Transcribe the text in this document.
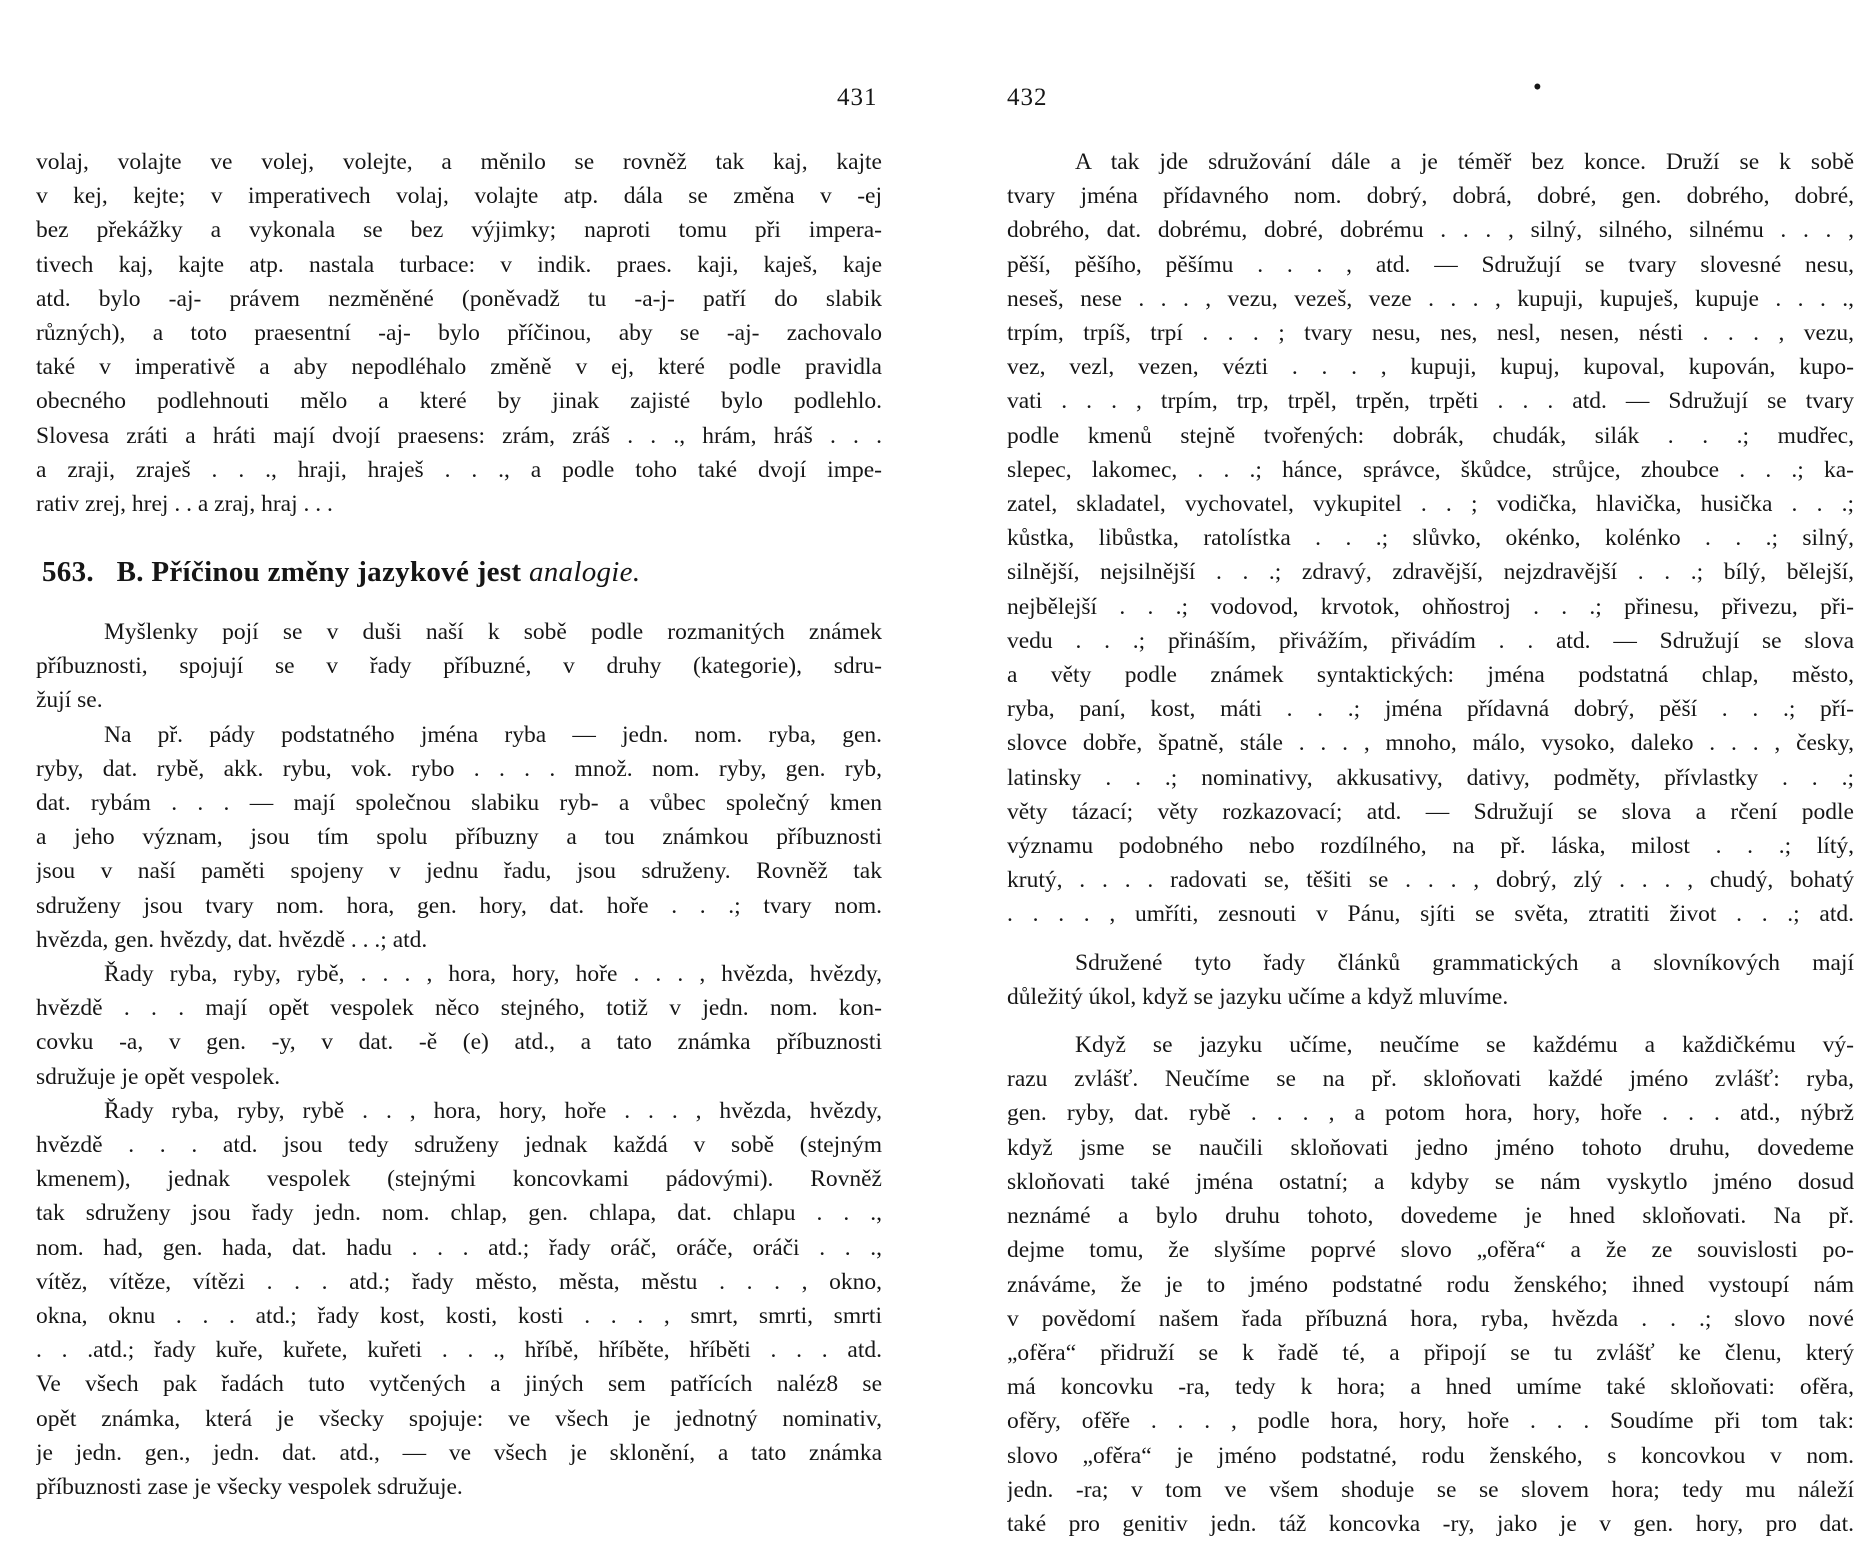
431
volaj, volajte ve volej, volejte, a měnilo se rovněž tak kaj, kajte
v kej, kejte; v imperativech volaj, volajte atp. dála se změna v -ej
bez překážky a vykonala se bez výjimky; naproti tomu při impera-
tivech kaj, kajte atp. nastala turbace: v indik. praes. kaji, kaješ, kaje
atd. bylo -aj- právem nezměněné (poněvadž tu -a-j- patří do slabik
různých), a toto praesentní -aj- bylo příčinou, aby se -aj- zachovalo
také v imperativě a aby nepodléhalo změně v ej, které podle pravidla
obecného podlehnouti mělo a které by jinak zajisté bylo podlehlo.
Slovesa zráti a hráti mají dvojí praesens: zrám, zráš . . ., hrám, hráš . . .
a zraji, zraješ . . ., hraji, hraješ . . ., a podle toho také dvojí impe-
rativ zrej, hrej . . a zraj, hraj . . .
563. B. Příčinou změny jazykové jest analogie.
Myšlenky pojí se v duši naší k sobě podle rozmanitých známek
příbuznosti, spojují se v řady příbuzné, v druhy (kategorie), sdru-
žují se.
Na př. pády podstatného jména ryba — jedn. nom. ryba, gen.
ryby, dat. rybě, akk. rybu, vok. rybo . . . . množ. nom. ryby, gen. ryb,
dat. rybám . . . — mají společnou slabiku ryb- a vůbec společný kmen
a jeho význam, jsou tím spolu příbuzny a tou známkou příbuznosti
jsou v naší paměti spojeny v jednu řadu, jsou sdruženy. Rovněž tak
sdruženy jsou tvary nom. hora, gen. hory, dat. hoře . . .; tvary nom.
hvězda, gen. hvězdy, dat. hvězdě . . .; atd.
Řady ryba, ryby, rybě, . . . , hora, hory, hoře . . . , hvězda, hvězdy,
hvězdě . . . mají opět vespolek něco stejného, totiž v jedn. nom. kon-
covku -a, v gen. -y, v dat. -ě (e) atd., a tato známka příbuznosti
sdružuje je opět vespolek.
Řady ryba, ryby, rybě . . , hora, hory, hoře . . . , hvězda, hvězdy,
hvězdě . . . atd. jsou tedy sdruženy jednak každá v sobě (stejným
kmenem), jednak vespolek (stejnými koncovkami pádovými). Rovněž
tak sdruženy jsou řady jedn. nom. chlap, gen. chlapa, dat. chlapu . . .,
nom. had, gen. hada, dat. hadu . . . atd.; řady oráč, oráče, oráči . . .,
vítěz, vítěze, vítězi . . . atd.; řady město, města, městu . . . , okno,
okna, oknu . . . atd.; řady kost, kosti, kosti . . . , smrt, smrti, smrti
. . .atd.; řady kuře, kuřete, kuřeti . . ., hříbě, hříběte, hříběti . . . atd.
Ve všech pak řadách tuto vytčených a jiných sem patřících naléz8 se
opět známka, která je všecky spojuje: ve všech je jednotný nominativ,
je jedn. gen., jedn. dat. atd., — ve všech je sklonění, a tato známka
příbuznosti zase je všecky vespolek sdružuje.
432	•
A tak jde sdružování dále a je téměř bez konce. Druží se k sobě
tvary jména přídavného nom. dobrý, dobrá, dobré, gen. dobrého, dobré,
dobrého, dat. dobrému, dobré, dobrému . . . , silný, silného, silnému . . . ,
pěší, pěšího, pěšímu . . . , atd. — Sdružují se tvary slovesné nesu,
neseš, nese . . . , vezu, vezeš, veze . . . , kupuji, kupuješ, kupuje . . . .,
trpím, trpíš, trpí . . . ; tvary nesu, nes, nesl, nesen, nésti . . . , vezu,
vez, vezl, vezen, vézti . . . , kupuji, kupuj, kupoval, kupován, kupo-
vati . . . , trpím, trp, trpěl, trpěn, trpěti . . . atd. — Sdružují se tvary
podle kmenů stejně tvořených: dobrák, chudák, silák . . .; mudřec,
slepec, lakomec, . . .; hánce, správce, škůdce, strůjce, zhoubce . . .; ka-
zatel, skladatel, vychovatel, vykupitel . . ; vodička, hlavička, husička . . .;
kůstka, libůstka, ratolístka . . .; slůvko, okénko, kolénko . . .; silný,
silnější, nejsilnější . . .; zdravý, zdravější, nejzdravější . . .; bílý, bělejší,
nejbělejší . . .; vodovod, krvotok, ohňostroj . . .; přinesu, přivezu, při-
vedu . . .; přináším, přivážím, přivádím . . atd. — Sdružují se slova
a věty podle známek syntaktických: jména podstatná chlap, město,
ryba, paní, kost, máti . . .; jména přídavná dobrý, pěší . . .; pří-
slovce dobře, špatně, stále . . . , mnoho, málo, vysoko, daleko . . . , česky,
latinsky . . .; nominativy, akkusativy, dativy, podměty, přívlastky . . .;
věty tázací; věty rozkazovací; atd. — Sdružují se slova a rčení podle
významu podobného nebo rozdílného, na př. láska, milost . . .; lítý,
krutý, . . . . radovati se, těšiti se . . . , dobrý, zlý . . . , chudý, bohatý
. . . . , umříti, zesnouti v Pánu, sjíti se světa, ztratiti život . . .; atd.
Sdružené tyto řady článků grammatických a slovníkových mají
důležitý úkol, když se jazyku učíme a když mluvíme.
Když se jazyku učíme, neučíme se každému a každičkému vý-
razu zvlášť. Neučíme se na př. skloňovati každé jméno zvlášť: ryba,
gen. ryby, dat. rybě . . . , a potom hora, hory, hoře . . . atd., nýbrž
když jsme se naučili skloňovati jedno jméno tohoto druhu, dovedeme
skloňovati také jména ostatní; a kdyby se nám vyskytlo jméno dosud
neznámé a bylo druhu tohoto, dovedeme je hned skloňovati. Na př.
dejme tomu, že slyšíme poprvé slovo „ofěra“ a že ze souvislosti po-
znáváme, že je to jméno podstatné rodu ženského; ihned vystoupí nám
v povědomí našem řada příbuzná hora, ryba, hvězda . . .; slovo nové
„ofěra“ přidruží se k řadě té, a připojí se tu zvlášť ke členu, který
má koncovku -ra, tedy k hora; a hned umíme také skloňovati: ofěra,
ofěry, ofěře . . . , podle hora, hory, hoře . . . Soudíme při tom tak:
slovo „ofěra“ je jméno podstatné, rodu ženského, s koncovkou v nom.
jedn. -ra; v tom ve všem shoduje se se slovem hora; tedy mu náleží
také pro genitiv jedn. táž koncovka -ry, jako je v gen. hory, pro dat.
